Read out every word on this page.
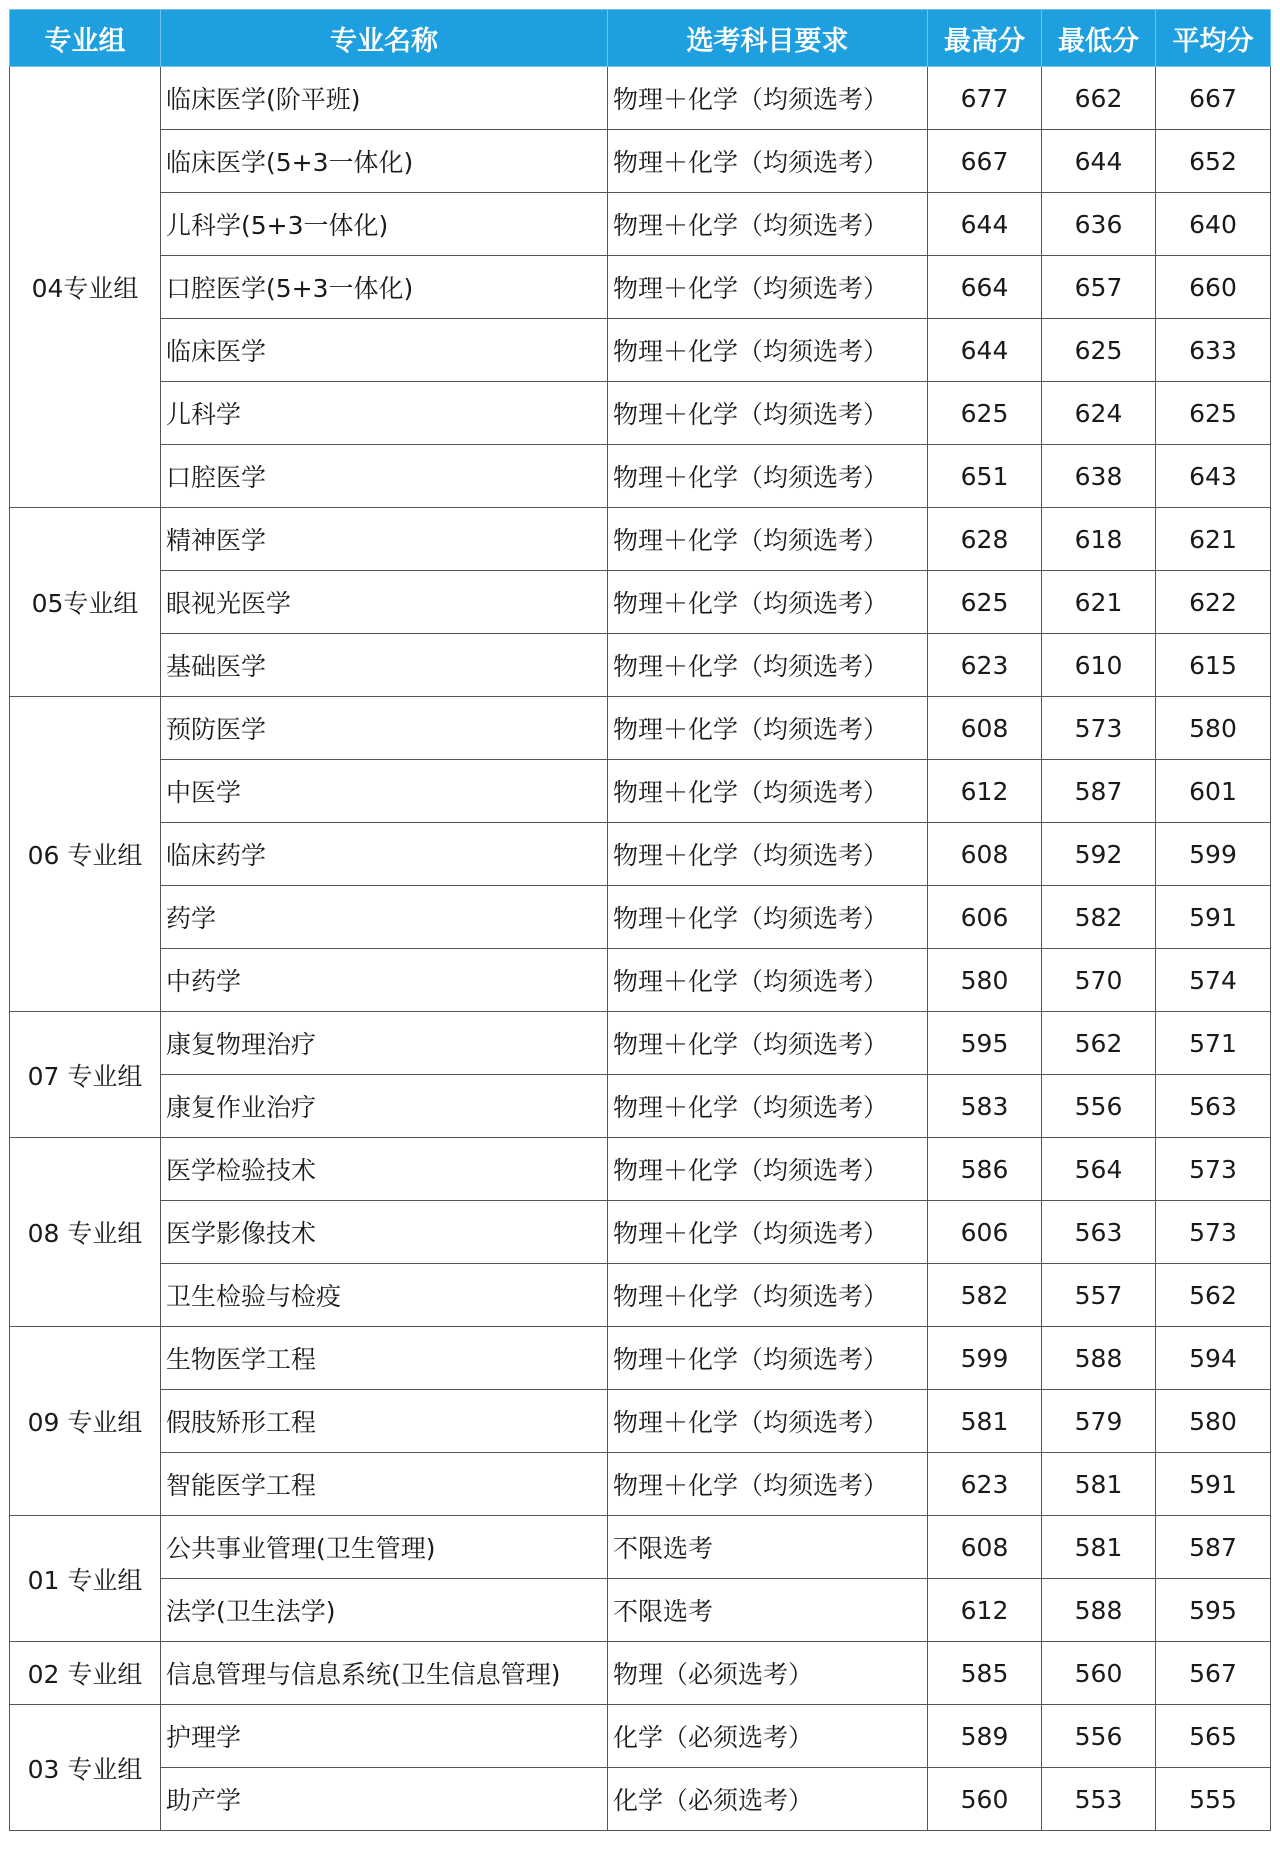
专业组	专业名称	选考科目要求	最高分	最低分	平均分
04专业组	临床医学(阶平班)	物理＋化学（均须选考）	677	662	667
	临床医学(5+3一体化)	物理＋化学（均须选考）	667	644	652
	儿科学(5+3一体化)	物理＋化学（均须选考）	644	636	640
	口腔医学(5+3一体化)	物理＋化学（均须选考）	664	657	660
	临床医学	物理＋化学（均须选考）	644	625	633
	儿科学	物理＋化学（均须选考）	625	624	625
	口腔医学	物理＋化学（均须选考）	651	638	643
05专业组	精神医学	物理＋化学（均须选考）	628	618	621
	眼视光医学	物理＋化学（均须选考）	625	621	622
	基础医学	物理＋化学（均须选考）	623	610	615
06 专业组	预防医学	物理＋化学（均须选考）	608	573	580
	中医学	物理＋化学（均须选考）	612	587	601
	临床药学	物理＋化学（均须选考）	608	592	599
	药学	物理＋化学（均须选考）	606	582	591
	中药学	物理＋化学（均须选考）	580	570	574
07 专业组	康复物理治疗	物理＋化学（均须选考）	595	562	571
	康复作业治疗	物理＋化学（均须选考）	583	556	563
08 专业组	医学检验技术	物理＋化学（均须选考）	586	564	573
	医学影像技术	物理＋化学（均须选考）	606	563	573
	卫生检验与检疫	物理＋化学（均须选考）	582	557	562
09 专业组	生物医学工程	物理＋化学（均须选考）	599	588	594
	假肢矫形工程	物理＋化学（均须选考）	581	579	580
	智能医学工程	物理＋化学（均须选考）	623	581	591
01 专业组	公共事业管理(卫生管理)	不限选考	608	581	587
	法学(卫生法学)	不限选考	612	588	595
02 专业组	信息管理与信息系统(卫生信息管理)	物理（必须选考）	585	560	567
03 专业组	护理学	化学（必须选考）	589	556	565
	助产学	化学（必须选考）	560	553	555
